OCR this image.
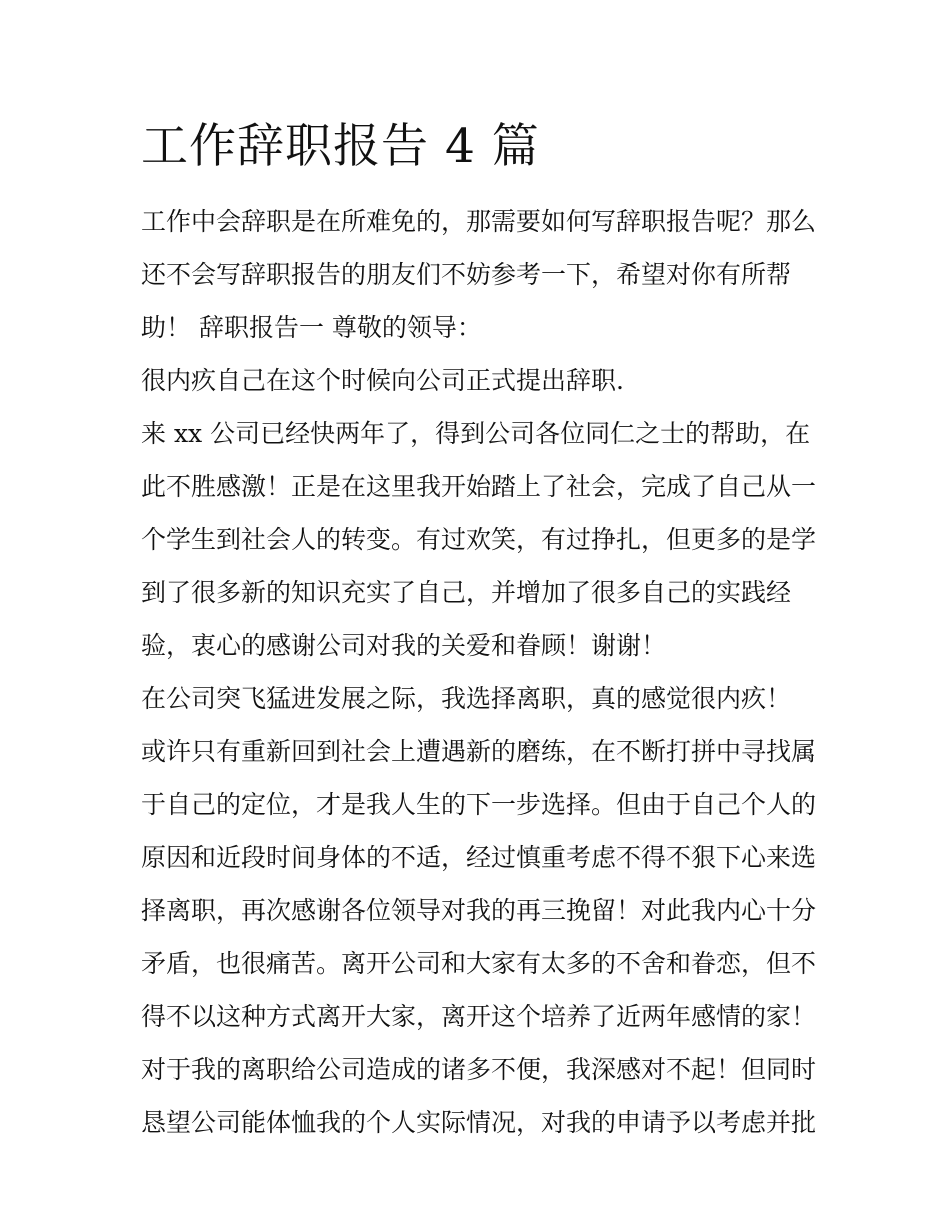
工作辞职报告 4 篇

工作中会辞职是在所难免的，那需要如何写辞职报告呢？那么

还不会写辞职报告的朋友们不妨参考一下，希望对你有所帮

助！ 辞职报告一 尊敬的领导：

很内疚自己在这个时候向公司正式提出辞职.

来 xx 公司已经快两年了，得到公司各位同仁之士的帮助，在

此不胜感激！正是在这里我开始踏上了社会，完成了自己从一

个学生到社会人的转变。有过欢笑，有过挣扎，但更多的是学

到了很多新的知识充实了自己，并增加了很多自己的实践经

验，衷心的感谢公司对我的关爱和眷顾！谢谢！

在公司突飞猛进发展之际，我选择离职，真的感觉很内疚！

或许只有重新回到社会上遭遇新的磨练，在不断打拼中寻找属

于自己的定位，才是我人生的下一步选择。但由于自己个人的

原因和近段时间身体的不适，经过慎重考虑不得不狠下心来选

择离职，再次感谢各位领导对我的再三挽留！对此我内心十分

矛盾，也很痛苦。离开公司和大家有太多的不舍和眷恋，但不

得不以这种方式离开大家，离开这个培养了近两年感情的家！

对于我的离职给公司造成的诸多不便，我深感对不起！但同时

恳望公司能体恤我的个人实际情况，对我的申请予以考虑并批
